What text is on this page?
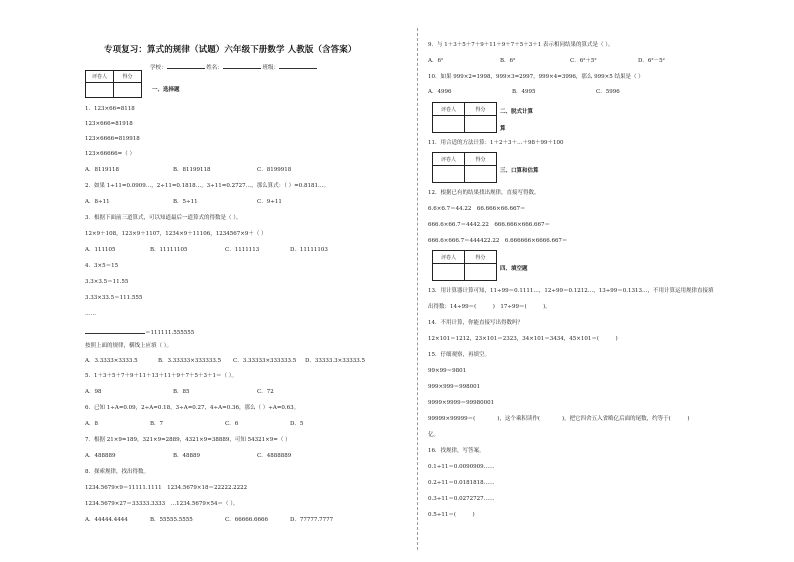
专项复习：算式的规律（试题）六年级下册数学 人教版（含答案）
学校：	姓名：	班级：
评卷人	得分

一、选择题
1．123×66=8118
123×666=81918
123×6666=819918
123×66666=（ ）
A．8119118	B．81199118	C．8199918
2．如果 1÷11=0.0909…，2÷11=0.1818…，3÷11=0.2727…，那么算式：（ ）=0.8181…。
A．8÷11	B．5÷11	C．9÷11
3．根据下面前三道算式，可以知道最后一道算式的得数是（ ）。
12×9＋108，123×9＋1107，1234×9＋11106，1234567×9＋（ ）
A．111105	B．11111105	C．1111113	D．11111103
4．3×5＝15
3.3×3.5＝11.55
3.33×33.5＝111.555
……
＝111111.555555
按照上面的规律，横线上应填（ ）。
A．3.3333×3333.5	B．3.33333×333333.5 C．3.33333×333333.5 D．33333.3×33333.5
5．1＋3＋5＋7＋9＋11＋13＋11＋9＋7＋5＋3＋1＝（ ）。
A．98	B．85	C．72
6．已知 1÷A=0.09，2÷A=0.18，3÷A=0.27，4÷A=0.36，那么（ ）÷A=0.63。
A．8	B．7	C．6	D．5
7．根据 21×9=189，321×9=2889，4321×9=38889，可知 54321×9=（ ）
A．488889	B．48889	C．4888889
8．探索规律，找出得数。
1234.5679×9＝11111.1111　1234.5679×18＝22222.2222
1234.5679×27＝33333.3333　…1234.5679×54＝（ ）。
A．44444.4444	B．55555.5555	C．66666.6666	D．77777.7777
9．与 1＋3＋5＋7＋9＋11＋9＋7＋5＋3＋1 表示相同结果的算式是（ ）。
A．6²	B．6³	C．6²＋5²	D．6²－5²
10．如果 999×2=1998，999×3=2997，999×4=3996，那么 999×5 结果是（ ）
A．4996	B．4995	C．5996
评卷人	得分
		二、脱式计算
算
11．用合适的方法计算：1＋2＋3＋…＋98＋99＋100
评卷人	得分

三、口算和估算
12．根据已有的结果找出规律，直接写得数。
6.6×6.7＝44.22　66.666×66.667＝
666.6×66.7＝4442.22　666.666×666.667＝
666.6×666.7＝444422.22　6.666666×6666.667＝
评卷人	得分

四、填空题
13．用计算器计算可知，11÷99＝0.1111…，12÷99＝0.1212…，13÷99＝0.1313…，不用计算运用规律直接填
出得数：14÷99＝(　　　)　17÷99＝(　　　)。
14．不用计算，你能直接写出得数吗？
12×101＝1212，23×101＝2323，34×101＝3434，45×101＝(　　　)
15．仔细观察，再填空。
99×99＝9801
999×999＝998001
9999×9999＝99980001
99999×99999＝(　　　　)，这个乘积读作(　　　　)，把它四舍五入省略亿后面的尾数，约等于(　　　)
亿。
16．找规律，写答案。
0.1÷11＝0.0090909……
0.2÷11＝0.0181818……
0.3÷11＝0.0272727……
0.5÷11＝(　　　)
